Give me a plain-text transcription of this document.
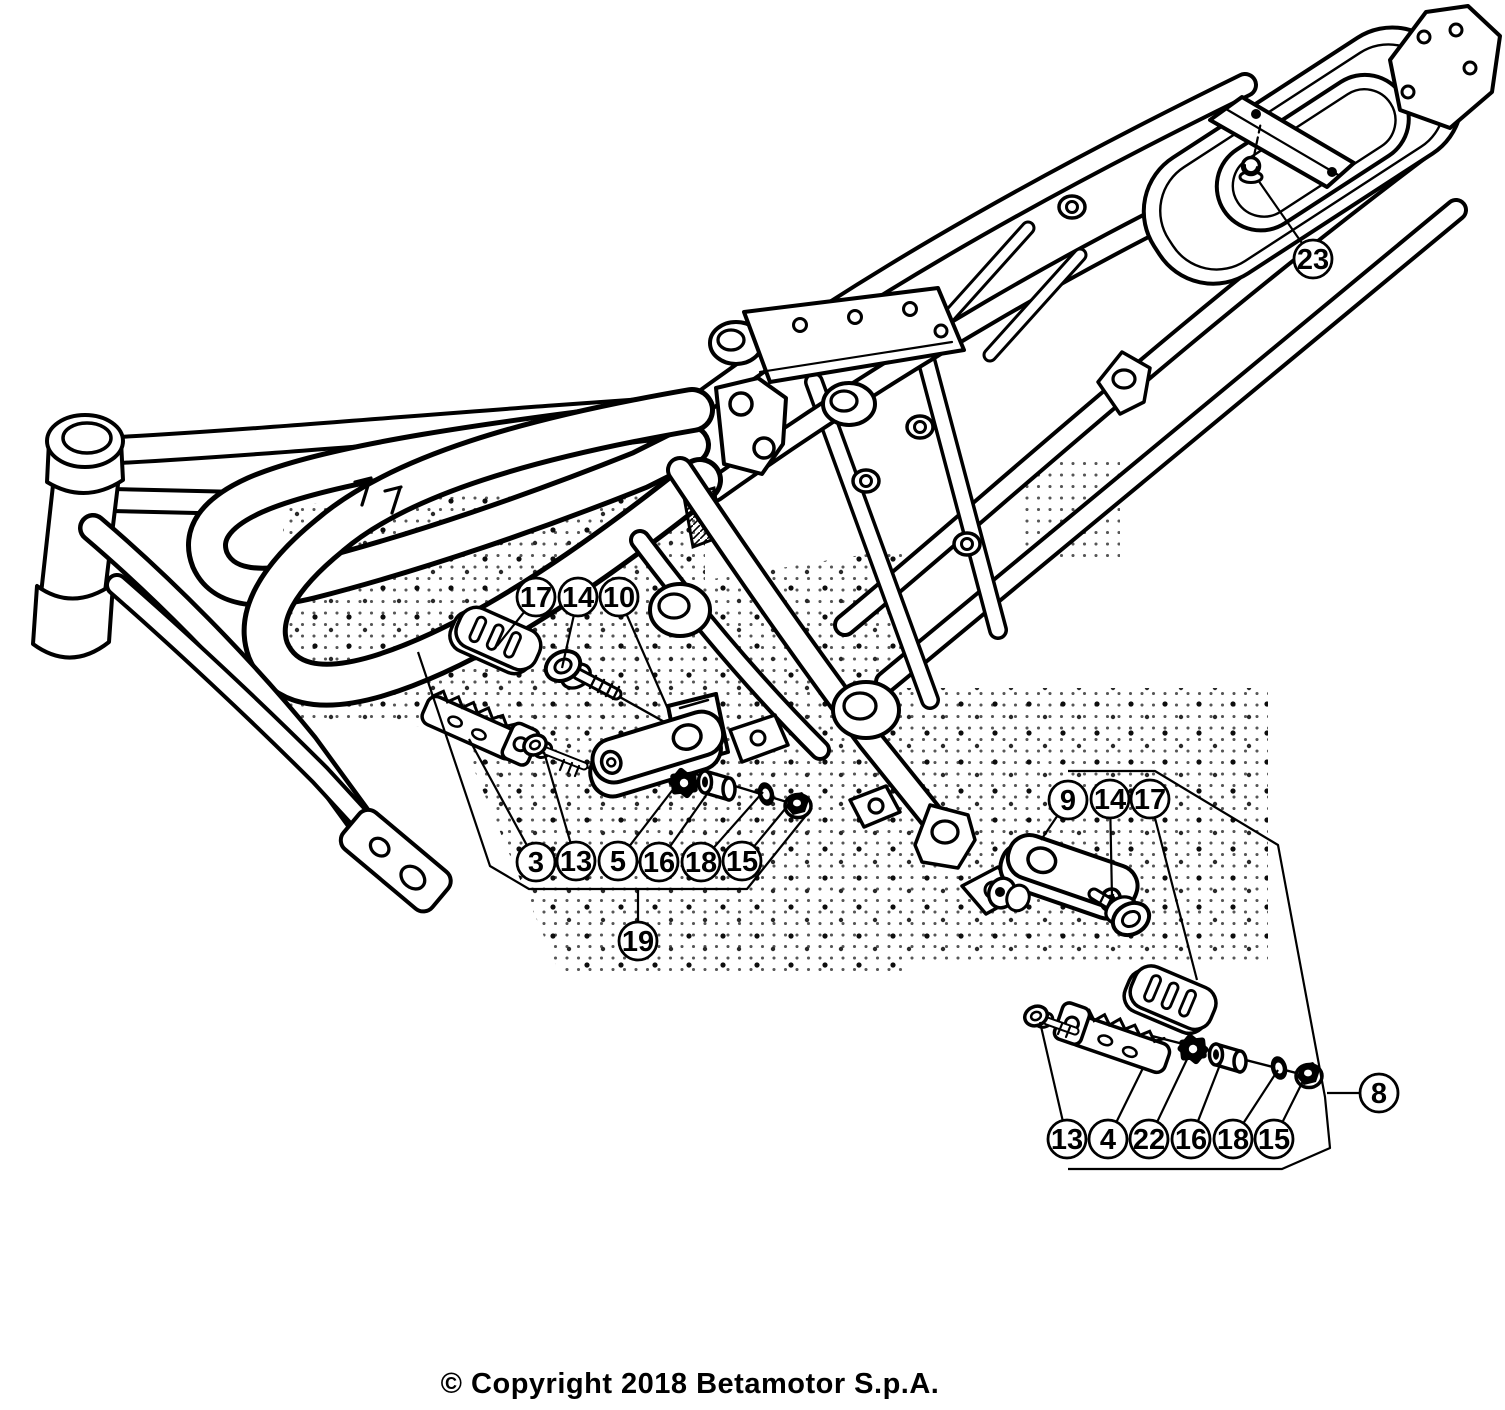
23
17 14 10
3 13 5 16 18 15
19
9 14 17
13 4 22 16 18 15
8
© Copyright 2018 Betamotor S.p.A.
